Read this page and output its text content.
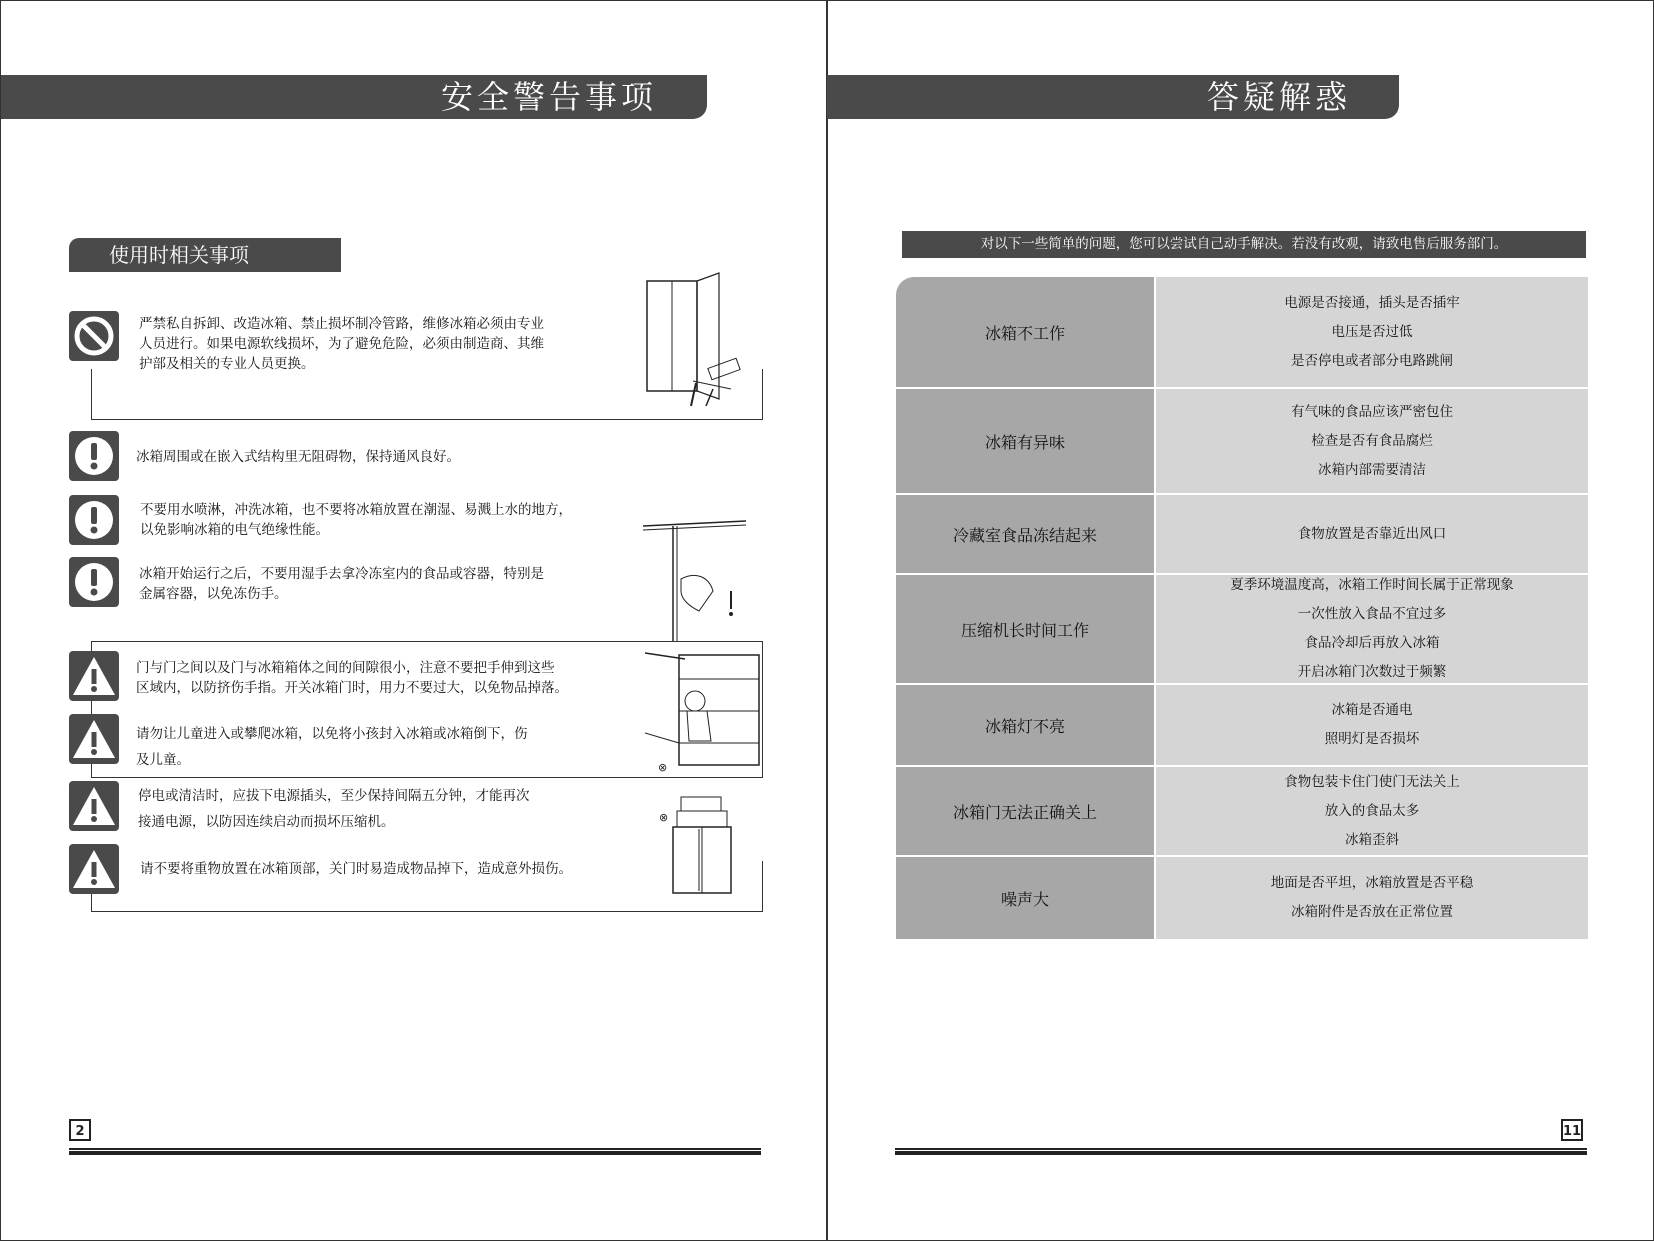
安全警告事项
使用时相关事项
严禁私自拆卸、改造冰箱、禁止损坏制冷管路，维修冰箱必须由专业
人员进行。如果电源软线损坏，为了避免危险，必须由制造商、其维
护部及相关的专业人员更换。
冰箱周围或在嵌入式结构里无阻碍物，保持通风良好。
不要用水喷淋，冲洗冰箱，也不要将冰箱放置在潮湿、易溅上水的地方，
以免影响冰箱的电气绝缘性能。
冰箱开始运行之后，不要用湿手去拿冷冻室内的食品或容器，特别是
金属容器，以免冻伤手。
门与门之间以及门与冰箱箱体之间的间隙很小，注意不要把手伸到这些
区域内，以防挤伤手指。开关冰箱门时，用力不要过大，以免物品掉落。
请勿让儿童进入或攀爬冰箱，以免将小孩封入冰箱或冰箱倒下，伤
及儿童。
停电或清洁时，应拔下电源插头，至少保持间隔五分钟，才能再次
接通电源，以防因连续启动而损坏压缩机。
请不要将重物放置在冰箱顶部，关门时易造成物品掉下，造成意外损伤。
⊗
⊗
2
答疑解惑
11
对以下一些简单的问题，您可以尝试自己动手解决。若没有改观，请致电售后服务部门。
冰箱不工作
电源是否接通，插头是否插牢
电压是否过低
是否停电或者部分电路跳闸
冰箱有异味
有气味的食品应该严密包住
检查是否有食品腐烂
冰箱内部需要清洁
冷藏室食品冻结起来	食物放置是否靠近出风口
压缩机长时间工作
夏季环境温度高，冰箱工作时间长属于正常现象
一次性放入食品不宜过多
食品冷却后再放入冰箱
开启冰箱门次数过于频繁
冰箱灯不亮
冰箱是否通电
照明灯是否损坏
冰箱门无法正确关上
食物包装卡住门使门无法关上
放入的食品太多
冰箱歪斜
噪声大
地面是否平坦，冰箱放置是否平稳
冰箱附件是否放在正常位置
